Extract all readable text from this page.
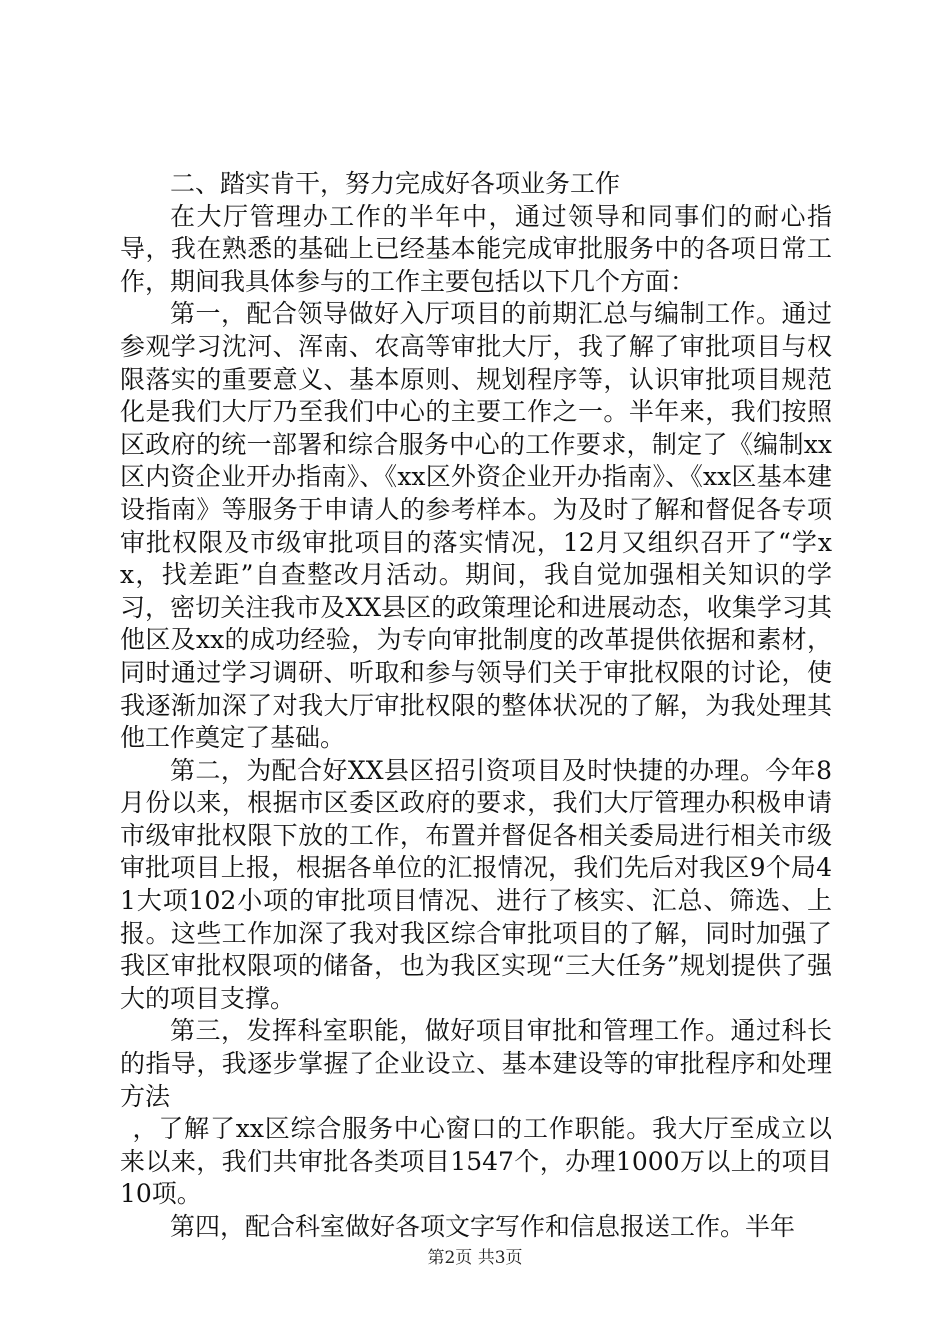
二、踏实肯干，努力完成好各项业务工作

在大厅管理办工作的半年中，通过领导和同事们的耐心指导，我在熟悉的基础上已经基本能完成审批服务中的各项日常工作，期间我具体参与的工作主要包括以下几个方面：

第一，配合领导做好入厅项目的前期汇总与编制工作。通过参观学习沈河、浑南、农高等审批大厅，我了解了审批项目与权限落实的重要意义、基本原则、规划程序等，认识审批项目规范化是我们大厅乃至我们中心的主要工作之一。半年来，我们按照区政府的统一部署和综合服务中心的工作要求，制定了《编制xx区内资企业开办指南》、《xx区外资企业开办指南》、《xx区基本建设指南》等服务于申请人的参考样本。为及时了解和督促各专项审批权限及市级审批项目的落实情况，12月又组织召开了“学xx，找差距”自查整改月活动。期间，我自觉加强相关知识的学习，密切关注我市及XX县区的政策理论和进展动态，收集学习其他区及xx的成功经验，为专向审批制度的改革提供依据和素材，同时通过学习调研、听取和参与领导们关于审批权限的讨论，使我逐渐加深了对我大厅审批权限的整体状况的了解，为我处理其他工作奠定了基础。

第二，为配合好XX县区招引资项目及时快捷的办理。今年8月份以来，根据市区委区政府的要求，我们大厅管理办积极申请市级审批权限下放的工作，布置并督促各相关委局进行相关市级审批项目上报，根据各单位的汇报情况，我们先后对我区9个局41大项102小项的审批项目情况、进行了核实、汇总、筛选、上报。这些工作加深了我对我区综合审批项目的了解，同时加强了我区审批权限项的储备，也为我区实现“三大任务”规划提供了强大的项目支撑。

第三，发挥科室职能，做好项目审批和管理工作。通过科长的指导，我逐步掌握了企业设立、基本建设等的审批程序和处理方法

，了解了xx区综合服务中心窗口的工作职能。我大厅至成立以来以来，我们共审批各类项目1547个，办理1000万以上的项目10项。

第四，配合科室做好各项文字写作和信息报送工作。半年

第2页 共3页
